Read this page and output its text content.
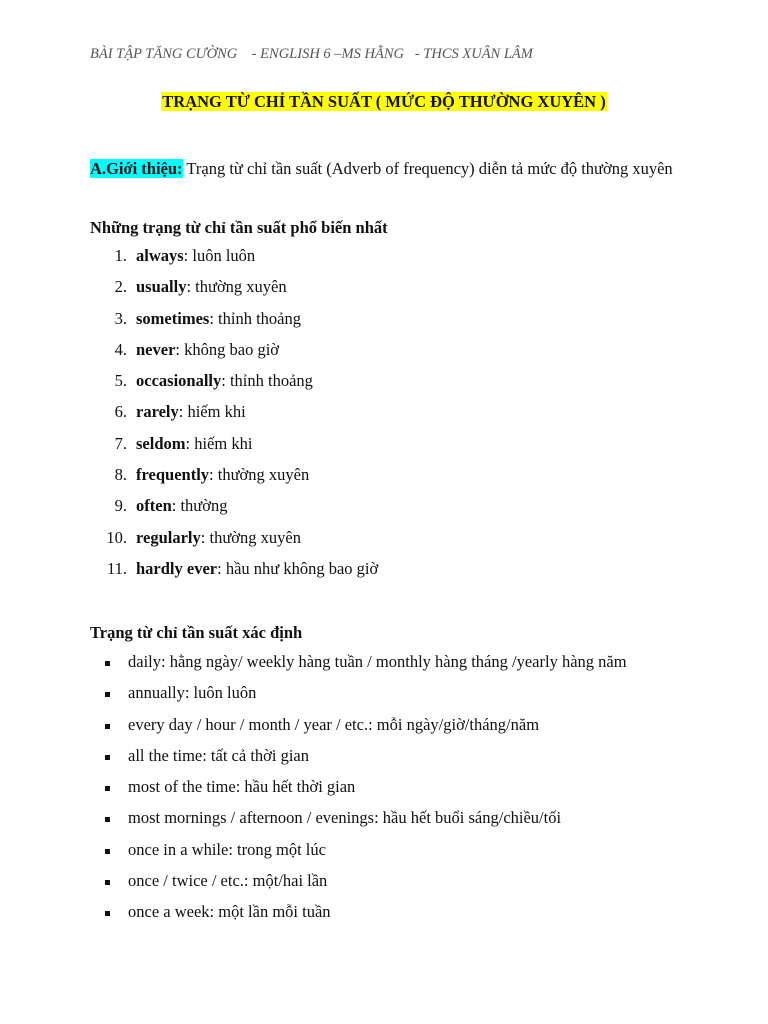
BÀI TẬP TĂNG CƯỜNG    - ENGLISH 6 –MS HẰNG   - THCS XUÂN LÂM
TRẠNG TỪ CHỈ TẦN SUẤT ( MỨC ĐỘ THƯỜNG XUYÊN )
A.Giới thiệu: Trạng từ chỉ tần suất (Adverb of frequency) diễn tả mức độ thường xuyên
Những trạng từ chỉ tần suất phổ biến nhất
1. always: luôn luôn
2. usually: thường xuyên
3. sometimes: thỉnh thoảng
4. never: không bao giờ
5. occasionally: thỉnh thoảng
6. rarely: hiếm khi
7. seldom: hiếm khi
8. frequently: thường xuyên
9. often: thường
10. regularly: thường xuyên
11. hardly ever: hầu như không bao giờ
Trạng từ chỉ tần suất xác định
daily: hằng ngày/ weekly hàng tuần / monthly hàng tháng /yearly hàng năm
annually: luôn luôn
every day / hour / month / year / etc.: mỗi ngày/giờ/tháng/năm
all the time: tất cả thời gian
most of the time: hầu hết thời gian
most mornings / afternoon / evenings: hầu hết buổi sáng/chiều/tối
once in a while: trong một lúc
once / twice / etc.: một/hai lần
once a week: một lần mỗi tuần
